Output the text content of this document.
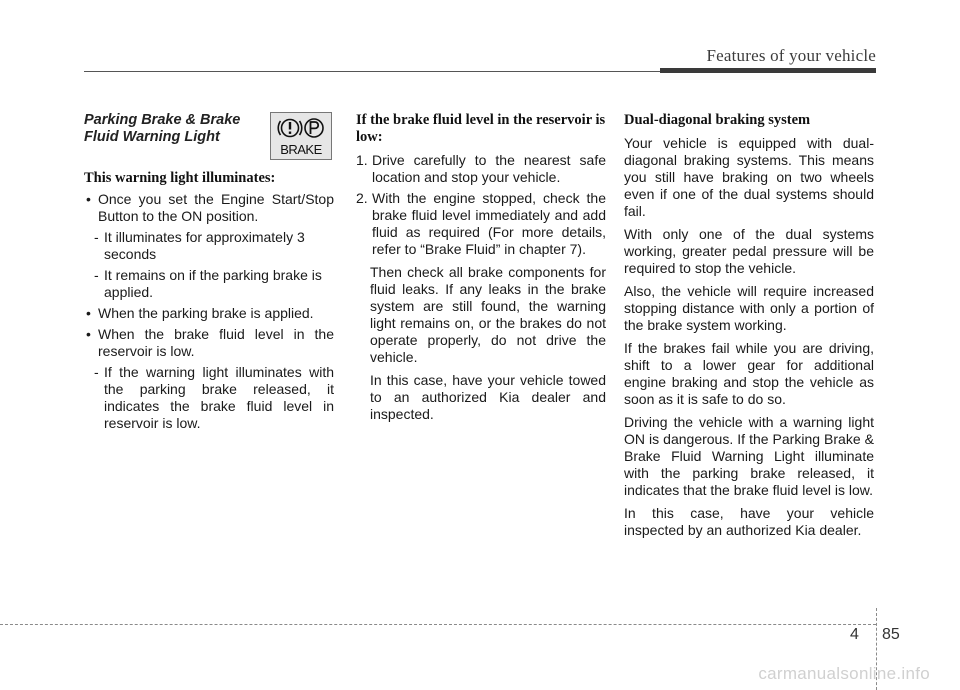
Features of your vehicle
Parking Brake & Brake Fluid Warning Light
BRAKE

This warning light illuminates:

• Once you set the Engine Start/Stop Button to the ON position.

- It illuminates for approximately 3 seconds

- It remains on if the parking brake is applied.

• When the parking brake is applied.

• When the brake fluid level in the reservoir is low.

- If the warning light illuminates with the parking brake released, it indicates the brake fluid level in reservoir is low.

If the brake fluid level in the reservoir is low:

1. Drive carefully to the nearest safe location and stop your vehicle.

2. With the engine stopped, check the brake fluid level immediately and add fluid as required (For more details, refer to “Brake Fluid” in chapter 7).

Then check all brake components for fluid leaks. If any leaks in the brake system are still found, the warning light remains on, or the brakes do not operate properly, do not drive the vehicle.

In this case, have your vehicle towed to an authorized Kia dealer and inspected.

Dual-diagonal braking system

Your vehicle is equipped with dual-diagonal braking systems. This means you still have braking on two wheels even if one of the dual systems should fail.

With only one of the dual systems working, greater pedal pressure will be required to stop the vehicle.

Also, the vehicle will require increased stopping distance with only a portion of the brake system working.

If the brakes fail while you are driving, shift to a lower gear for additional engine braking and stop the vehicle as soon as it is safe to do so.

Driving the vehicle with a warning light ON is dangerous. If the Parking Brake & Brake Fluid Warning Light illuminate with the parking brake released, it indicates that the brake fluid level is low.

In this case, have your vehicle inspected by an authorized Kia dealer.

4 85
carmanualsonline.info
